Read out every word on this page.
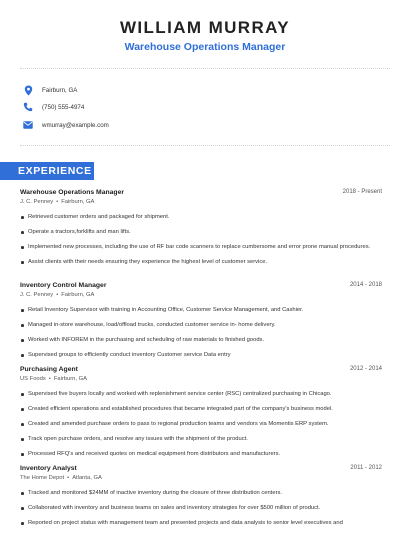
WILLIAM MURRAY
Warehouse Operations Manager
Fairburn, GA
(750) 555-4974
wmurray@example.com
EXPERIENCE
Warehouse Operations Manager	2018 - Present
J. C. Penney • Fairburn, GA
Retrieved customer orders and packaged for shipment.
Operate a tractors,forklifts and man lifts.
Implemented new processes, including the use of RF bar code scanners to replace cumbersome and error prone manual procedures.
Assist clients with their needs ensuring they experience the highest level of customer service.
Inventory Control Manager	2014 - 2018
J. C. Penney • Fairburn, GA
Retail Inventory Supervisor with training in Accounting Office, Customer Service Management, and Cashier.
Managed in-store warehouse, load/offload trucks, conducted customer service in- home delivery.
Worked with INFOREM in the purchasing and scheduling of raw materials to finished goods.
Supervised groups to efficiently conduct inventory Customer service Data entry
Purchasing Agent	2012 - 2014
US Foods • Fairburn, GA
Supervised five buyers locally and worked with replenishment service center (RSC) centralized purchasing in Chicago.
Created efficient operations and established procedures that became integrated part of the company's business model.
Created and amended purchase orders to pass to regional production teams and vendors via Momentis ERP system.
Track open purchase orders, and resolve any issues with the shipment of the product.
Processed RFQ's and received quotes on medical equipment from distributors and manufacturers.
Inventory Analyst	2011 - 2012
The Home Depot • Atlanta, GA
Tracked and monitored $24MM of inactive inventory during the closure of three distribution centers.
Collaborated with inventory and business teams on sales and inventory strategies for over $500 million of product.
Reported on project status with management team and presented projects and data analysis to senior level executives and
